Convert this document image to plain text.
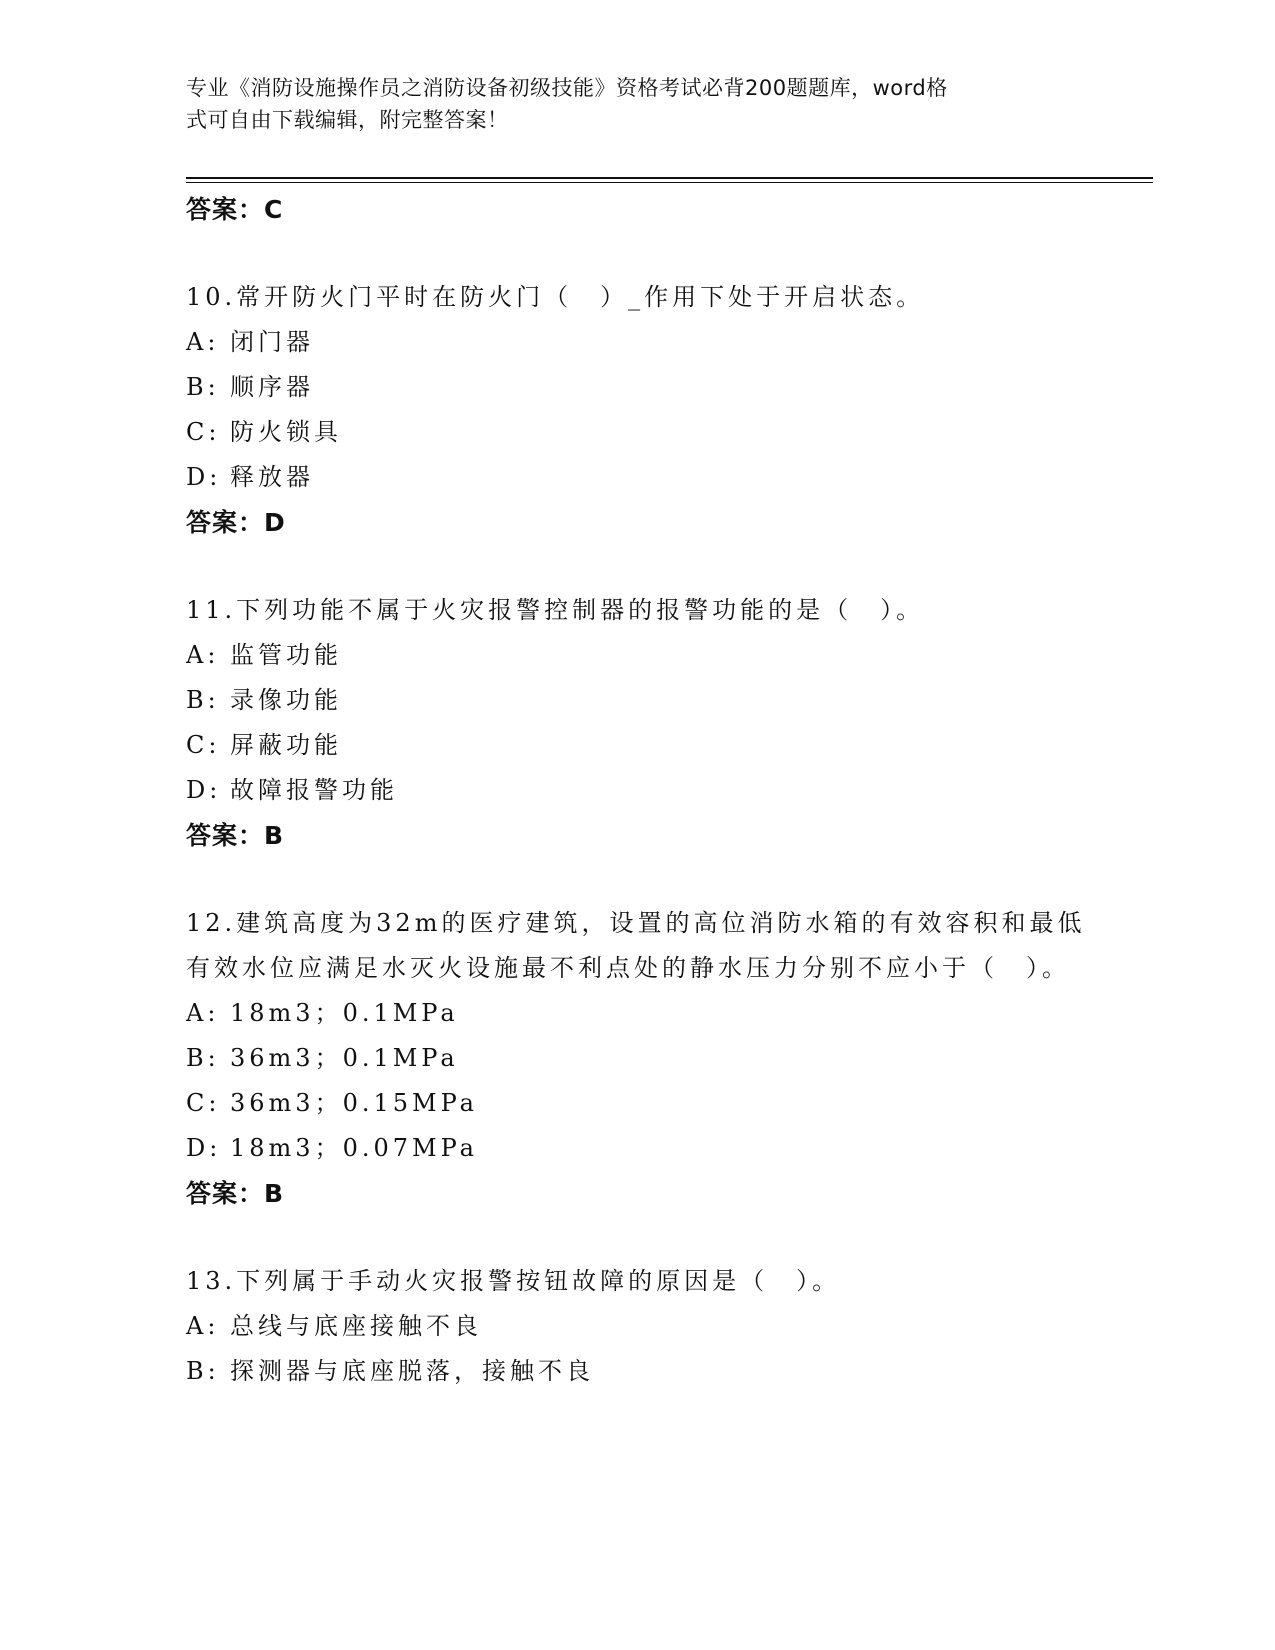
专业《消防设施操作员之消防设备初级技能》资格考试必背200题题库，word格
式可自由下载编辑，附完整答案！
答案：C
10.常开防火门平时在防火门（　）_作用下处于开启状态。
A: 闭门器
B: 顺序器
C: 防火锁具
D: 释放器
答案：D
11.下列功能不属于火灾报警控制器的报警功能的是（　）。
A: 监管功能
B: 录像功能
C: 屏蔽功能
D: 故障报警功能
答案：B
12.建筑高度为32m的医疗建筑，设置的高位消防水箱的有效容积和最低有效水位应满足水灭火设施最不利点处的静水压力分别不应小于（　）。
A: 18m3；0.1MPa
B: 36m3；0.1MPa
C: 36m3；0.15MPa
D: 18m3；0.07MPa
答案：B
13.下列属于手动火灾报警按钮故障的原因是（　）。
A: 总线与底座接触不良
B: 探测器与底座脱落，接触不良
